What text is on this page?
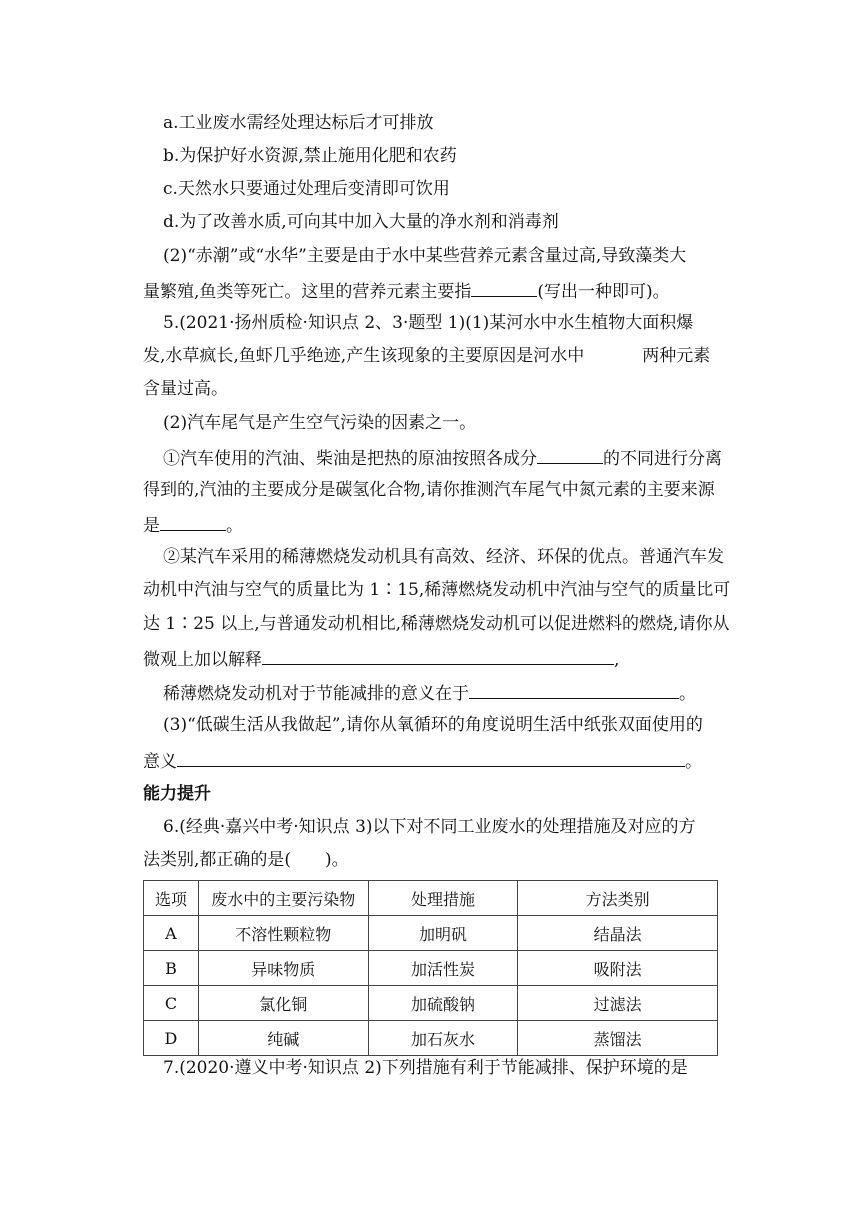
a.工业废水需经处理达标后才可排放
b.为保护好水资源,禁止施用化肥和农药
c.天然水只要通过处理后变清即可饮用
d.为了改善水质,可向其中加入大量的净水剂和消毒剂
(2)“赤潮”或“水华”主要是由于水中某些营养元素含量过高,导致藻类大
量繁殖,鱼类等死亡。这里的营养元素主要指	(写出一种即可)。
5.(2021·扬州质检·知识点 2、3·题型 1)(1)某河水中水生植物大面积爆
发,水草疯长,鱼虾几乎绝迹,产生该现象的主要原因是河水中	两种元素
含量过高。
(2)汽车尾气是产生空气污染的因素之一。
①汽车使用的汽油、柴油是把热的原油按照各成分	的不同进行分离
得到的,汽油的主要成分是碳氢化合物,请你推测汽车尾气中氮元素的主要来源
是	。
②某汽车采用的稀薄燃烧发动机具有高效、经济、环保的优点。普通汽车发
动机中汽油与空气的质量比为 1∶15,稀薄燃烧发动机中汽油与空气的质量比可
达 1∶25 以上,与普通发动机相比,稀薄燃烧发动机可以促进燃料的燃烧,请你从
微观上加以解释	,
稀薄燃烧发动机对于节能减排的意义在于	。
(3)“低碳生活从我做起”,请你从氧循环的角度说明生活中纸张双面使用的
意义	。
能力提升
6.(经典·嘉兴中考·知识点 3)以下对不同工业废水的处理措施及对应的方
法类别,都正确的是(　　)。
选项	废水中的主要污染物	处理措施	方法类别
A	不溶性颗粒物	加明矾	结晶法
B	异味物质	加活性炭	吸附法
C	氯化铜	加硫酸钠	过滤法
D	纯碱	加石灰水	蒸馏法
7.(2020·遵义中考·知识点 2)下列措施有利于节能减排、保护环境的是
